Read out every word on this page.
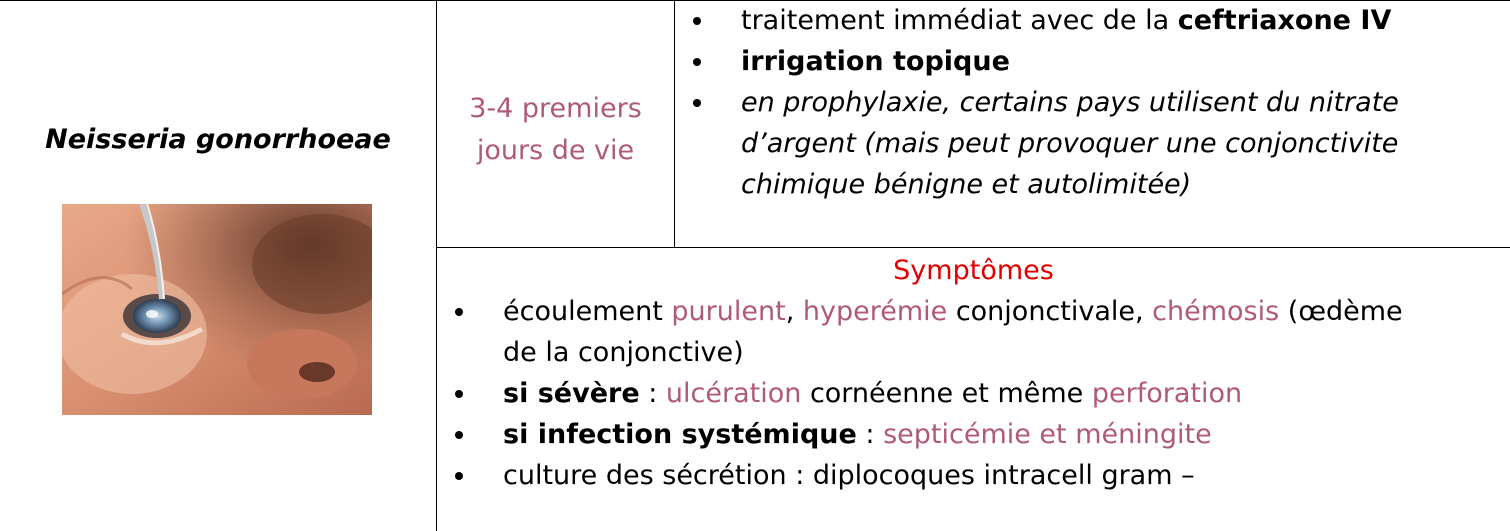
Neisseria gonorrhoeae
3-4 premiers
jours de vie
traitement immédiat avec de la ceftriaxone IV
irrigation topique
en prophylaxie, certains pays utilisent du nitrate
d’argent (mais peut provoquer une conjonctivite
chimique bénigne et autolimitée)
Symptômes
écoulement purulent, hyperémie conjonctivale, chémosis (œdème
de la conjonctive)
si sévère : ulcération cornéenne et même perforation
si infection systémique : septicémie et méningite
culture des sécrétion : diplocoques intracell gram –
